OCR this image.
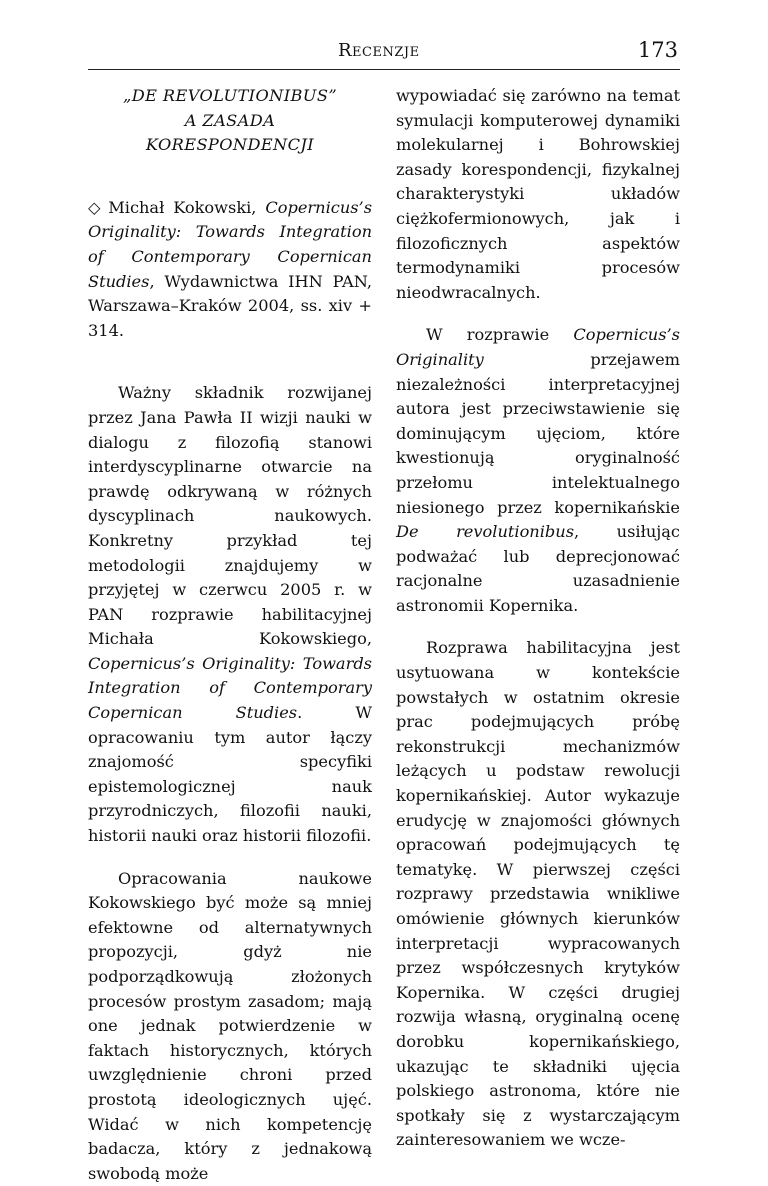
Recenzje	173
„DE REVOLUTIONIBUS”
A ZASADA
KORESPONDENCJI

◇ Michał Kokowski, Copernicus’s Originality: Towards Integration of Contemporary Copernican Studies, Wydawnictwa IHN PAN, Warszawa–Kraków 2004, ss. xiv + 314.

Ważny składnik rozwijanej przez Jana Pawła II wizji nauki w dialogu z filozofią stanowi interdyscyplinarne otwarcie na prawdę odkrywaną w różnych dyscyplinach naukowych. Konkretny przykład tej metodologii znajdujemy w przyjętej w czerwcu 2005 r. w PAN rozprawie habilitacyjnej Michała Kokowskiego, Copernicus’s Originality: Towards Integration of Contemporary Copernican Studies. W opracowaniu tym autor łączy znajomość specyfiki epistemologicznej nauk przyrodniczych, filozofii nauki, historii nauki oraz historii filozofii.

Opracowania naukowe Kokowskiego być może są mniej efektowne od alternatywnych propozycji, gdyż nie podporządkowują złożonych procesów prostym zasadom; mają one jednak potwierdzenie w faktach historycznych, których uwzględnienie chroni przed prostotą ideologicznych ujęć. Widać w nich kompetencję badacza, który z jednakową swobodą może

wypowiadać się zarówno na temat symulacji komputerowej dynamiki molekularnej i Bohrowskiej zasady korespondencji, fizykalnej charakterystyki układów ciężkofermionowych, jak i filozoficznych aspektów termodynamiki procesów nieodwracalnych.

W rozprawie Copernicus’s Originality przejawem niezależności interpretacyjnej autora jest przeciwstawienie się dominującym ujęciom, które kwestionują oryginalność przełomu intelektualnego niesionego przez kopernikańskie De revolutionibus, usiłując podważać lub deprecjonować racjonalne uzasadnienie astronomii Kopernika.

Rozprawa habilitacyjna jest usytuowana w kontekście powstałych w ostatnim okresie prac podejmujących próbę rekonstrukcji mechanizmów leżących u podstaw rewolucji kopernikańskiej. Autor wykazuje erudycję w znajomości głównych opracowań podejmujących tę tematykę. W pierwszej części rozprawy przedstawia wnikliwe omówienie głównych kierunków interpretacji wypracowanych przez współczesnych krytyków Kopernika. W części drugiej rozwija własną, oryginalną ocenę dorobku kopernikańskiego, ukazując te składniki ujęcia polskiego astronoma, które nie spotkały się z wystarczającym zainteresowaniem we wcze-
